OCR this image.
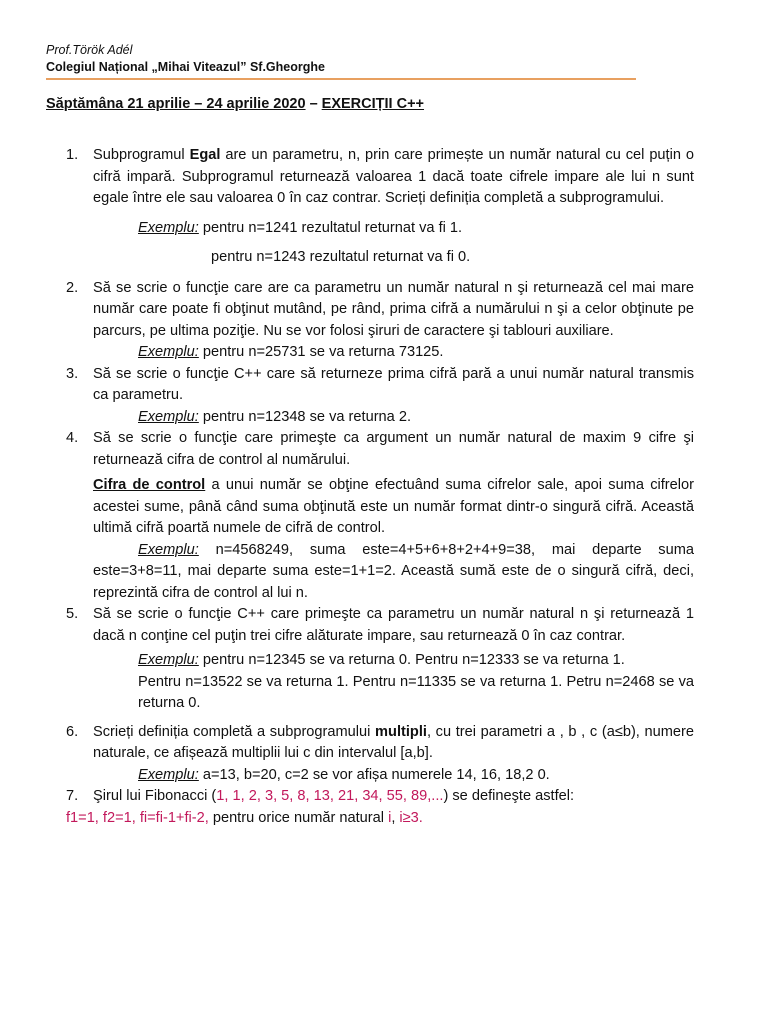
Prof.Török Adél
Colegiul Național „Mihai Viteazul” Sf.Gheorghe
Săptămâna 21 aprilie – 24 aprilie 2020 – EXERCIȚII C++
1. Subprogramul Egal are un parametru, n, prin care primește un număr natural cu cel puțin o cifră impară. Subprogramul returnează valoarea 1 dacă toate cifrele impare ale lui n sunt egale între ele sau valoarea 0 în caz contrar. Scrieți definiția completă a subprogramului.
Exemplu: pentru n=1241 rezultatul returnat va fi 1.
pentru n=1243 rezultatul returnat va fi 0.
2. Să se scrie o funcţie care are ca parametru un număr natural n şi returnează cel mai mare număr care poate fi obţinut mutând, pe rând, prima cifră a numărului n şi a celor obţinute pe parcurs, pe ultima poziţie. Nu se vor folosi şiruri de caractere şi tablouri auxiliare.
Exemplu: pentru n=25731 se va returna 73125.
3. Să se scrie o funcţie C++ care să returneze prima cifră pară a unui număr natural transmis ca parametru.
Exemplu: pentru n=12348 se va returna 2.
4. Să se scrie o funcţie care primeşte ca argument un număr natural de maxim 9 cifre şi returnează cifra de control al numărului.
Cifra de control a unui număr se obţine efectuând suma cifrelor sale, apoi suma cifrelor acestei sume, până când suma obţinută este un număr format dintr-o singură cifră. Această ultimă cifră poartă numele de cifră de control.
Exemplu: n=4568249, suma este=4+5+6+8+2+4+9=38, mai departe suma este=3+8=11, mai departe suma este=1+1=2. Această sumă este de o singură cifră, deci, reprezintă cifra de control al lui n.
5. Să se scrie o funcţie C++ care primeşte ca parametru un număr natural n şi returnează 1 dacă n conţine cel puţin trei cifre alăturate impare, sau returnează 0 în caz contrar.
Exemplu: pentru n=12345 se va returna 0. Pentru n=12333 se va returna 1.
Pentru n=13522 se va returna 1. Pentru n=11335 se va returna 1. Petru n=2468 se va returna 0.
6. Scrieți definiția completă a subprogramului multipli, cu trei parametri a , b , c (a≤b), numere naturale, ce afișează multiplii lui c din intervalul [a,b].
Exemplu: a=13, b=20, c=2 se vor afișa numerele 14, 16, 18,2 0.
7. Şirul lui Fibonacci (1, 1, 2, 3, 5, 8, 13, 21, 34, 55, 89,...) se defineşte astfel:
f1=1, f2=1, fi=fi-1+fi-2, pentru orice număr natural i, i≥3.
